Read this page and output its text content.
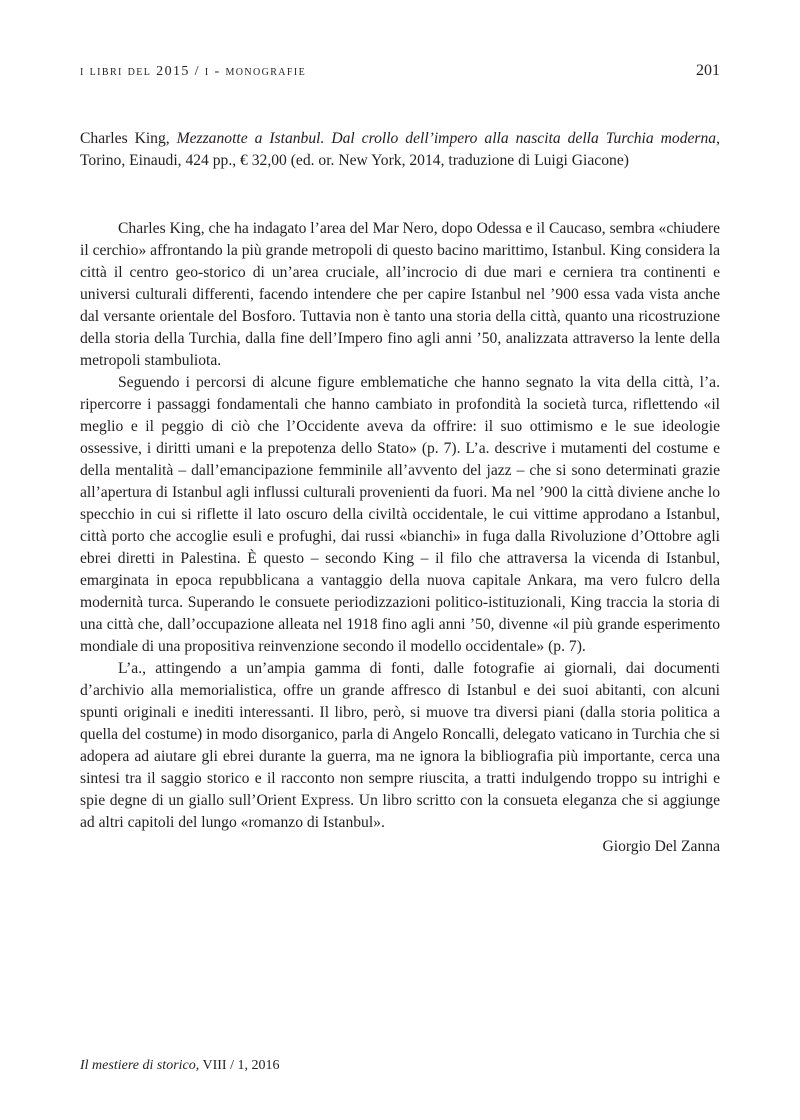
i libri del 2015 / i - monografie	201
Charles King, Mezzanotte a Istanbul. Dal crollo dell’impero alla nascita della Turchia moderna, Torino, Einaudi, 424 pp., € 32,00 (ed. or. New York, 2014, traduzione di Luigi Giacone)

Charles King, che ha indagato l’area del Mar Nero, dopo Odessa e il Caucaso, sembra «chiudere il cerchio» affrontando la più grande metropoli di questo bacino marittimo, Istanbul. King considera la città il centro geo-storico di un’area cruciale, all’incrocio di due mari e cerniera tra continenti e universi culturali differenti, facendo intendere che per capire Istanbul nel ’900 essa vada vista anche dal versante orientale del Bosforo. Tuttavia non è tanto una storia della città, quanto una ricostruzione della storia della Turchia, dalla fine dell’Impero fino agli anni ’50, analizzata attraverso la lente della metropoli stambuliota.

Seguendo i percorsi di alcune figure emblematiche che hanno segnato la vita della città, l’a. ripercorre i passaggi fondamentali che hanno cambiato in profondità la società turca, riflettendo «il meglio e il peggio di ciò che l’Occidente aveva da offrire: il suo ottimismo e le sue ideologie ossessive, i diritti umani e la prepotenza dello Stato» (p. 7). L’a. descrive i mutamenti del costume e della mentalità – dall’emancipazione femminile all’avvento del jazz – che si sono determinati grazie all’apertura di Istanbul agli influssi culturali provenienti da fuori. Ma nel ’900 la città diviene anche lo specchio in cui si riflette il lato oscuro della civiltà occidentale, le cui vittime approdano a Istanbul, città porto che accoglie esuli e profughi, dai russi «bianchi» in fuga dalla Rivoluzione d’Ottobre agli ebrei diretti in Palestina. È questo – secondo King – il filo che attraversa la vicenda di Istanbul, emarginata in epoca repubblicana a vantaggio della nuova capitale Ankara, ma vero fulcro della modernità turca. Superando le consuete periodizzazioni politico-istituzionali, King traccia la storia di una città che, dall’occupazione alleata nel 1918 fino agli anni ’50, divenne «il più grande esperimento mondiale di una propositiva reinvenzione secondo il modello occidentale» (p. 7).

L’a., attingendo a un’ampia gamma di fonti, dalle fotografie ai giornali, dai documenti d’archivio alla memorialistica, offre un grande affresco di Istanbul e dei suoi abitanti, con alcuni spunti originali e inediti interessanti. Il libro, però, si muove tra diversi piani (dalla storia politica a quella del costume) in modo disorganico, parla di Angelo Roncalli, delegato vaticano in Turchia che si adopera ad aiutare gli ebrei durante la guerra, ma ne ignora la bibliografia più importante, cerca una sintesi tra il saggio storico e il racconto non sempre riuscita, a tratti indulgendo troppo su intrighi e spie degne di un giallo sull’Orient Express. Un libro scritto con la consueta eleganza che si aggiunge ad altri capitoli del lungo «romanzo di Istanbul».

Giorgio Del Zanna
Il mestiere di storico, VIII / 1, 2016
